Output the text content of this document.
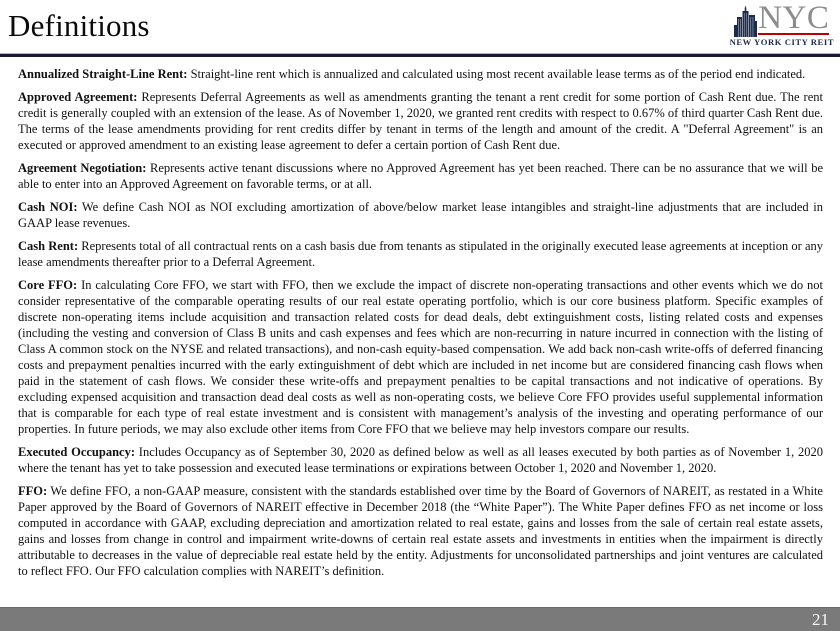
Definitions	NYC
NEW YORK CITY REIT

Annualized Straight-Line Rent: Straight-line rent which is annualized and calculated using most recent available lease terms as of the period end indicated.

Approved Agreement: Represents Deferral Agreements as well as amendments granting the tenant a rent credit for some portion of Cash Rent due. The rent credit is generally coupled with an extension of the lease. As of November 1, 2020, we granted rent credits with respect to 0.67% of third quarter Cash Rent due. The terms of the lease amendments providing for rent credits differ by tenant in terms of the length and amount of the credit. A "Deferral Agreement" is an executed or approved amendment to an existing lease agreement to defer a certain portion of Cash Rent due.

Agreement Negotiation: Represents active tenant discussions where no Approved Agreement has yet been reached. There can be no assurance that we will be able to enter into an Approved Agreement on favorable terms, or at all.

Cash NOI: We define Cash NOI as NOI excluding amortization of above/below market lease intangibles and straight-line adjustments that are included in GAAP lease revenues.

Cash Rent: Represents total of all contractual rents on a cash basis due from tenants as stipulated in the originally executed lease agreements at inception or any lease amendments thereafter prior to a Deferral Agreement.

Core FFO: In calculating Core FFO, we start with FFO, then we exclude the impact of discrete non-operating transactions and other events which we do not consider representative of the comparable operating results of our real estate operating portfolio, which is our core business platform. Specific examples of discrete non-operating items include acquisition and transaction related costs for dead deals, debt extinguishment costs, listing related costs and expenses (including the vesting and conversion of Class B units and cash expenses and fees which are non-recurring in nature incurred in connection with the listing of Class A common stock on the NYSE and related transactions), and non-cash equity-based compensation. We add back non-cash write-offs of deferred financing costs and prepayment penalties incurred with the early extinguishment of debt which are included in net income but are considered financing cash flows when paid in the statement of cash flows. We consider these write-offs and prepayment penalties to be capital transactions and not indicative of operations. By excluding expensed acquisition and transaction dead deal costs as well as non-operating costs, we believe Core FFO provides useful supplemental information that is comparable for each type of real estate investment and is consistent with management’s analysis of the investing and operating performance of our properties. In future periods, we may also exclude other items from Core FFO that we believe may help investors compare our results.

Executed Occupancy: Includes Occupancy as of September 30, 2020 as defined below as well as all leases executed by both parties as of November 1, 2020 where the tenant has yet to take possession and executed lease terminations or expirations between October 1, 2020 and November 1, 2020.

FFO: We define FFO, a non-GAAP measure, consistent with the standards established over time by the Board of Governors of NAREIT, as restated in a White Paper approved by the Board of Governors of NAREIT effective in December 2018 (the “White Paper”). The White Paper defines FFO as net income or loss computed in accordance with GAAP, excluding depreciation and amortization related to real estate, gains and losses from the sale of certain real estate assets, gains and losses from change in control and impairment write-downs of certain real estate assets and investments in entities when the impairment is directly attributable to decreases in the value of depreciable real estate held by the entity. Adjustments for unconsolidated partnerships and joint ventures are calculated to reflect FFO. Our FFO calculation complies with NAREIT’s definition.

21
